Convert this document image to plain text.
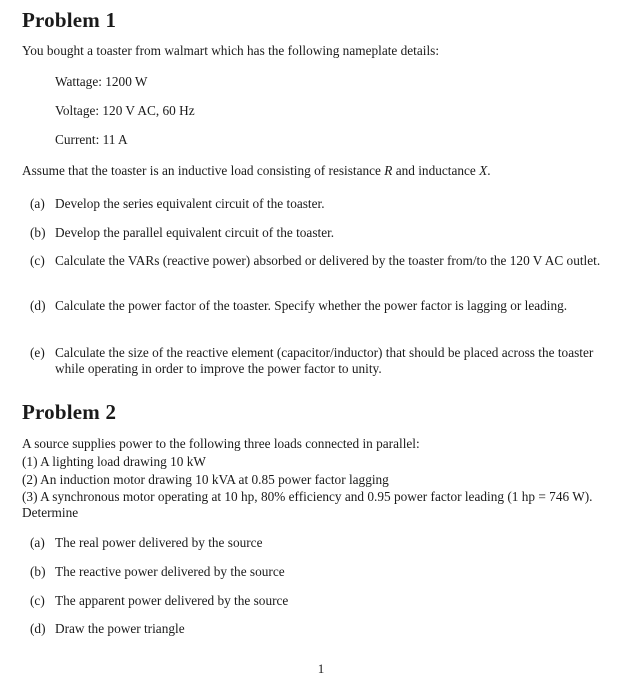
Problem 1

You bought a toaster from walmart which has the following nameplate details:

Wattage: 1200 W

Voltage: 120 V AC, 60 Hz

Current: 11 A

Assume that the toaster is an inductive load consisting of resistance R and inductance X.

(a) Develop the series equivalent circuit of the toaster.
(b) Develop the parallel equivalent circuit of the toaster.
(c) Calculate the VARs (reactive power) absorbed or delivered by the toaster from/to the 120 V AC outlet.
(d) Calculate the power factor of the toaster. Specify whether the power factor is lagging or leading.
(e) Calculate the size of the reactive element (capacitor/inductor) that should be placed across the toaster while operating in order to improve the power factor to unity.
Problem 2

A source supplies power to the following three loads connected in parallel:

(1) A lighting load drawing 10 kW

(2) An induction motor drawing 10 kVA at 0.85 power factor lagging

(3) A synchronous motor operating at 10 hp, 80% efficiency and 0.95 power factor leading (1 hp = 746 W). Determine

(a) The real power delivered by the source
(b) The reactive power delivered by the source
(c) The apparent power delivered by the source
(d) Draw the power triangle
1
